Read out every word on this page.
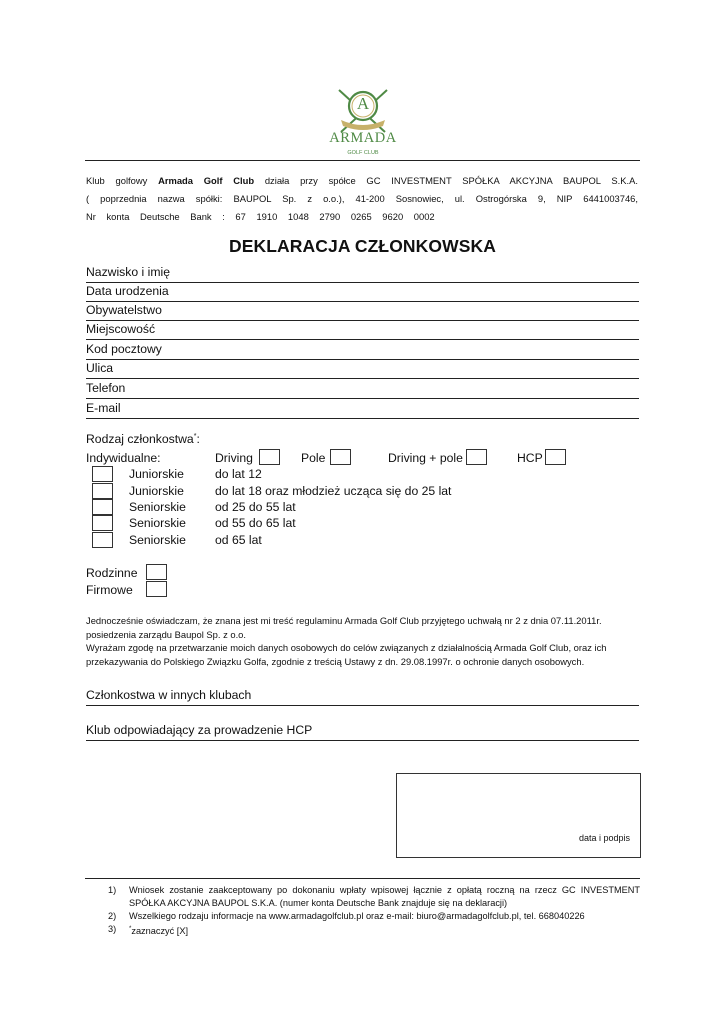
A
ARMADA
GOLF CLUB

Klub golfowy Armada Golf Club działa przy spółce GC INVESTMENT SPÓŁKA AKCYJNA BAUPOL S.K.A.

( poprzednia nazwa spółki: BAUPOL Sp. z o.o.), 41-200 Sosnowiec, ul. Ostrogórska 9, NIP 6441003746,

Nr konta Deutsche Bank : 67 1910 1048 2790 0265 9620 0002

DEKLARACJA CZŁONKOWSKA
Nazwisko i imię
Data urodzenia
Obywatelstwo
Miejscowość
Kod pocztowy
Ulica
Telefon
E-mail
Rodzaj członkostwa*:
Indywidualne:	Driving	Pole	Driving + pole	HCP
Juniorskie	do lat 12
Juniorskie	do lat 18 oraz młodzież ucząca się do 25 lat
Seniorskie od 25 do 55 lat
Seniorskie od 55 do 65 lat
Seniorskie od 65 lat
Rodzinne
Firmowe
Jednocześnie oświadczam, że znana jest mi treść regulaminu Armada Golf Club przyjętego uchwałą nr 2 z dnia 07.11.2011r. posiedzenia zarządu Baupol Sp. z o.o.
Wyrażam zgodę na przetwarzanie moich danych osobowych do celów związanych z działalnością Armada Golf Club, oraz ich przekazywania do Polskiego Związku Golfa, zgodnie z treścią Ustawy z dn. 29.08.1997r. o ochronie danych osobowych.
Członkostwa w innych klubach
Klub odpowiadający za prowadzenie HCP
data i podpis
1) Wniosek zostanie zaakceptowany po dokonaniu wpłaty wpisowej łącznie z opłatą roczną na rzecz GC INVESTMENT SPÓŁKA AKCYJNA BAUPOL S.K.A. (numer konta Deutsche Bank znajduje się na deklaracji)
2) Wszelkiego rodzaju informacje na www.armadagolfclub.pl oraz e-mail: biuro@armadagolfclub.pl, tel. 668040226
3) *zaznaczyć [X]
